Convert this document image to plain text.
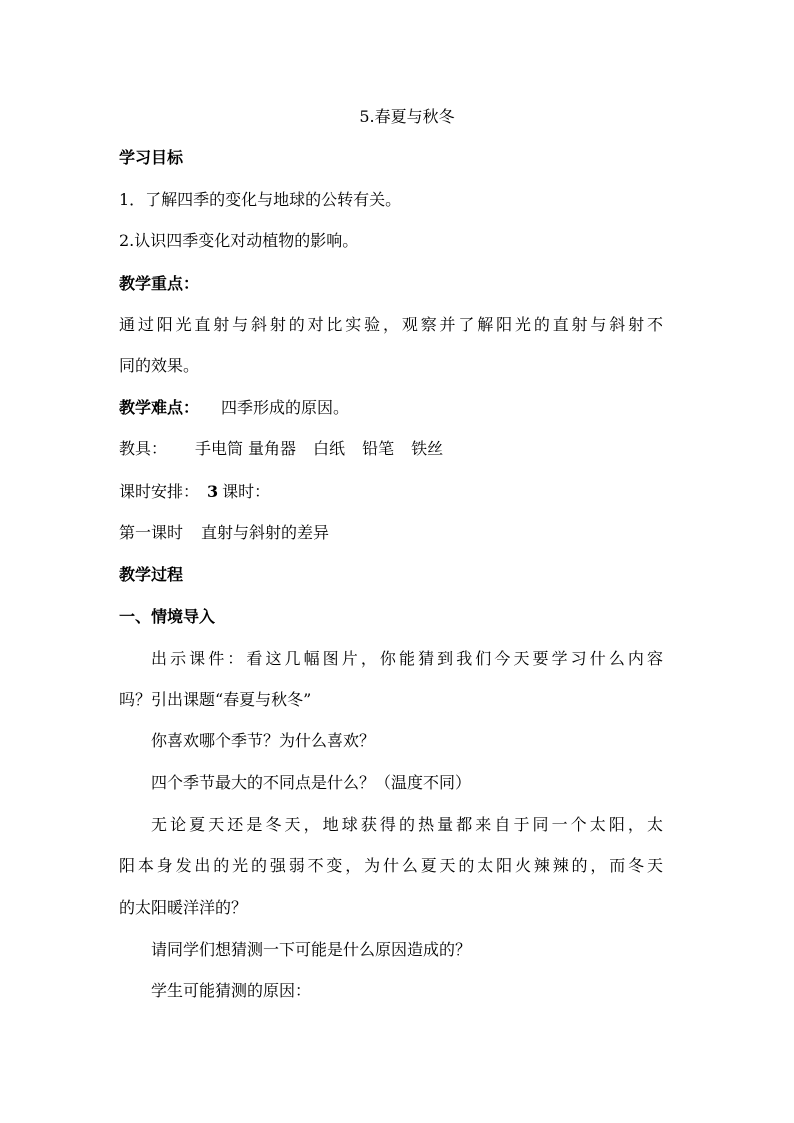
5.春夏与秋冬
学习目标
1．了解四季的变化与地球的公转有关。
2.认识四季变化对动植物的影响。
教学重点：
通过阳光直射与斜射的对比实验，观察并了解阳光的直射与斜射不
同的效果。
教学难点： 四季形成的原因。
教具： 手电筒 量角器 白纸 铅笔 铁丝
课时安排： 3 课时：
第一课时 直射与斜射的差异
教学过程
一、情境导入
出示课件：看这几幅图片，你能猜到我们今天要学习什么内容
吗？引出课题“春夏与秋冬”
你喜欢哪个季节？为什么喜欢？
四个季节最大的不同点是什么？（温度不同）
无论夏天还是冬天，地球获得的热量都来自于同一个太阳，太
阳本身发出的光的强弱不变，为什么夏天的太阳火辣辣的，而冬天
的太阳暖洋洋的？
请同学们想猜测一下可能是什么原因造成的？
学生可能猜测的原因：
